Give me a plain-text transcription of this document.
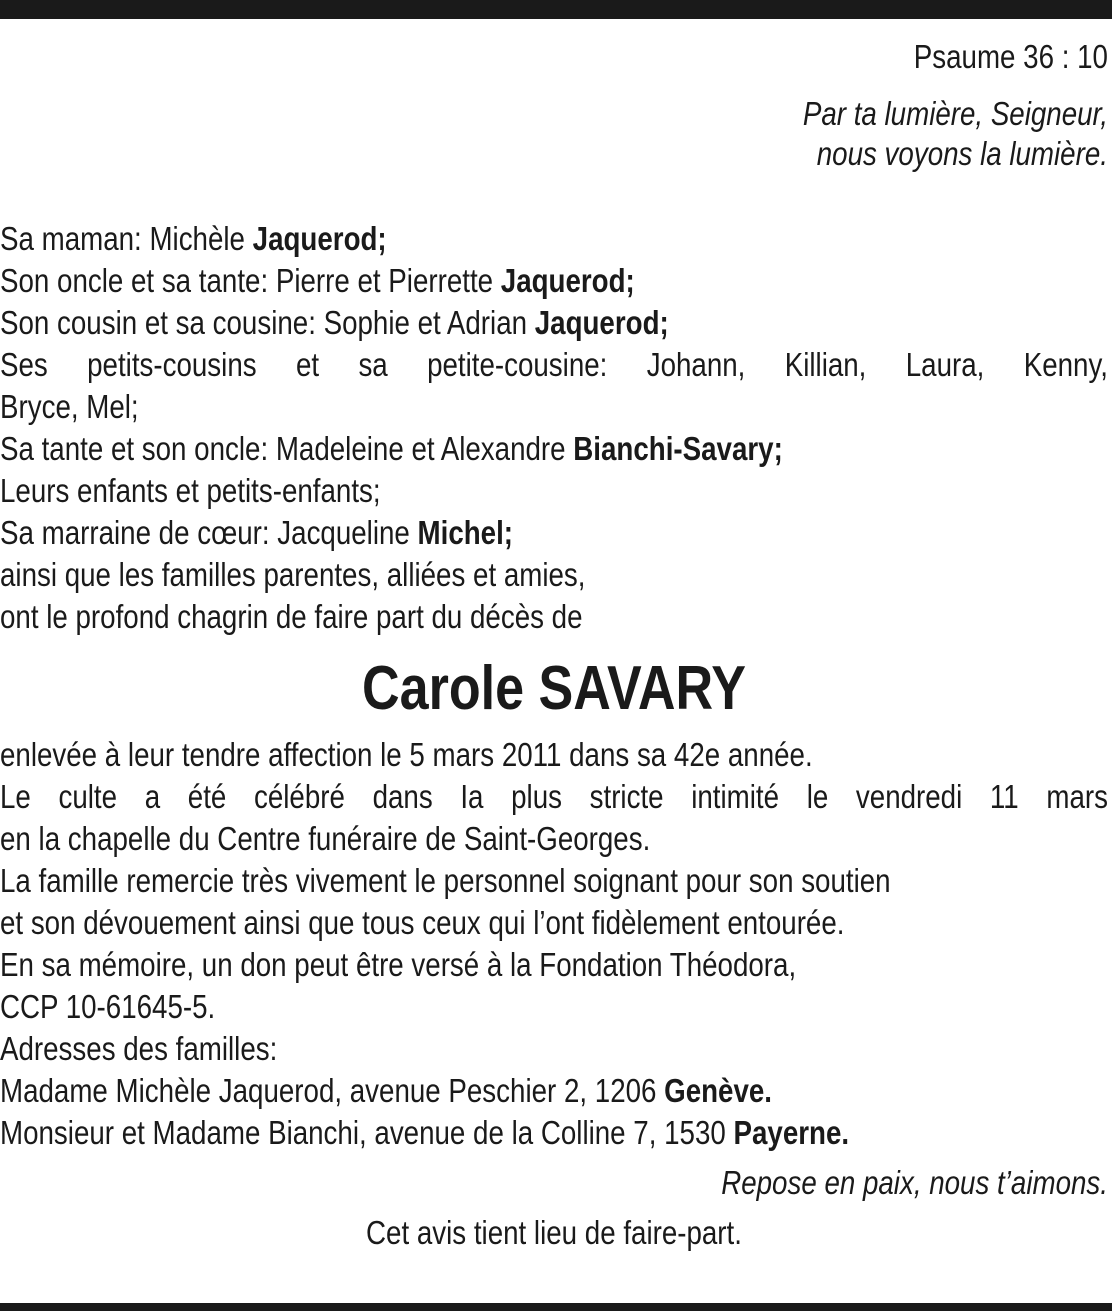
Psaume 36 : 10
Par ta lumière, Seigneur,
nous voyons la lumière.
Sa maman: Michèle Jaquerod;
Son oncle et sa tante: Pierre et Pierrette Jaquerod;
Son cousin et sa cousine: Sophie et Adrian Jaquerod;
Ses petits-cousins et sa petite-cousine: Johann, Killian, Laura, Kenny,
Bryce, Mel;
Sa tante et son oncle: Madeleine et Alexandre Bianchi-Savary;
Leurs enfants et petits-enfants;
Sa marraine de cœur: Jacqueline Michel;
ainsi que les familles parentes, alliées et amies,
ont le profond chagrin de faire part du décès de
Carole SAVARY
enlevée à leur tendre affection le 5 mars 2011 dans sa 42e année.
Le culte a été célébré dans Ia plus stricte intimité le vendredi 11 mars
en la chapelle du Centre funéraire de Saint-Georges.
La famille remercie très vivement le personnel soignant pour son soutien
et son dévouement ainsi que tous ceux qui l’ont fidèlement entourée.
En sa mémoire, un don peut être versé à la Fondation Théodora,
CCP 10-61645-5.
Adresses des familles:
Madame Michèle Jaquerod, avenue Peschier 2, 1206 Genève.
Monsieur et Madame Bianchi, avenue de la Colline 7, 1530 Payerne.
Repose en paix, nous t’aimons.
Cet avis tient lieu de faire-part.
